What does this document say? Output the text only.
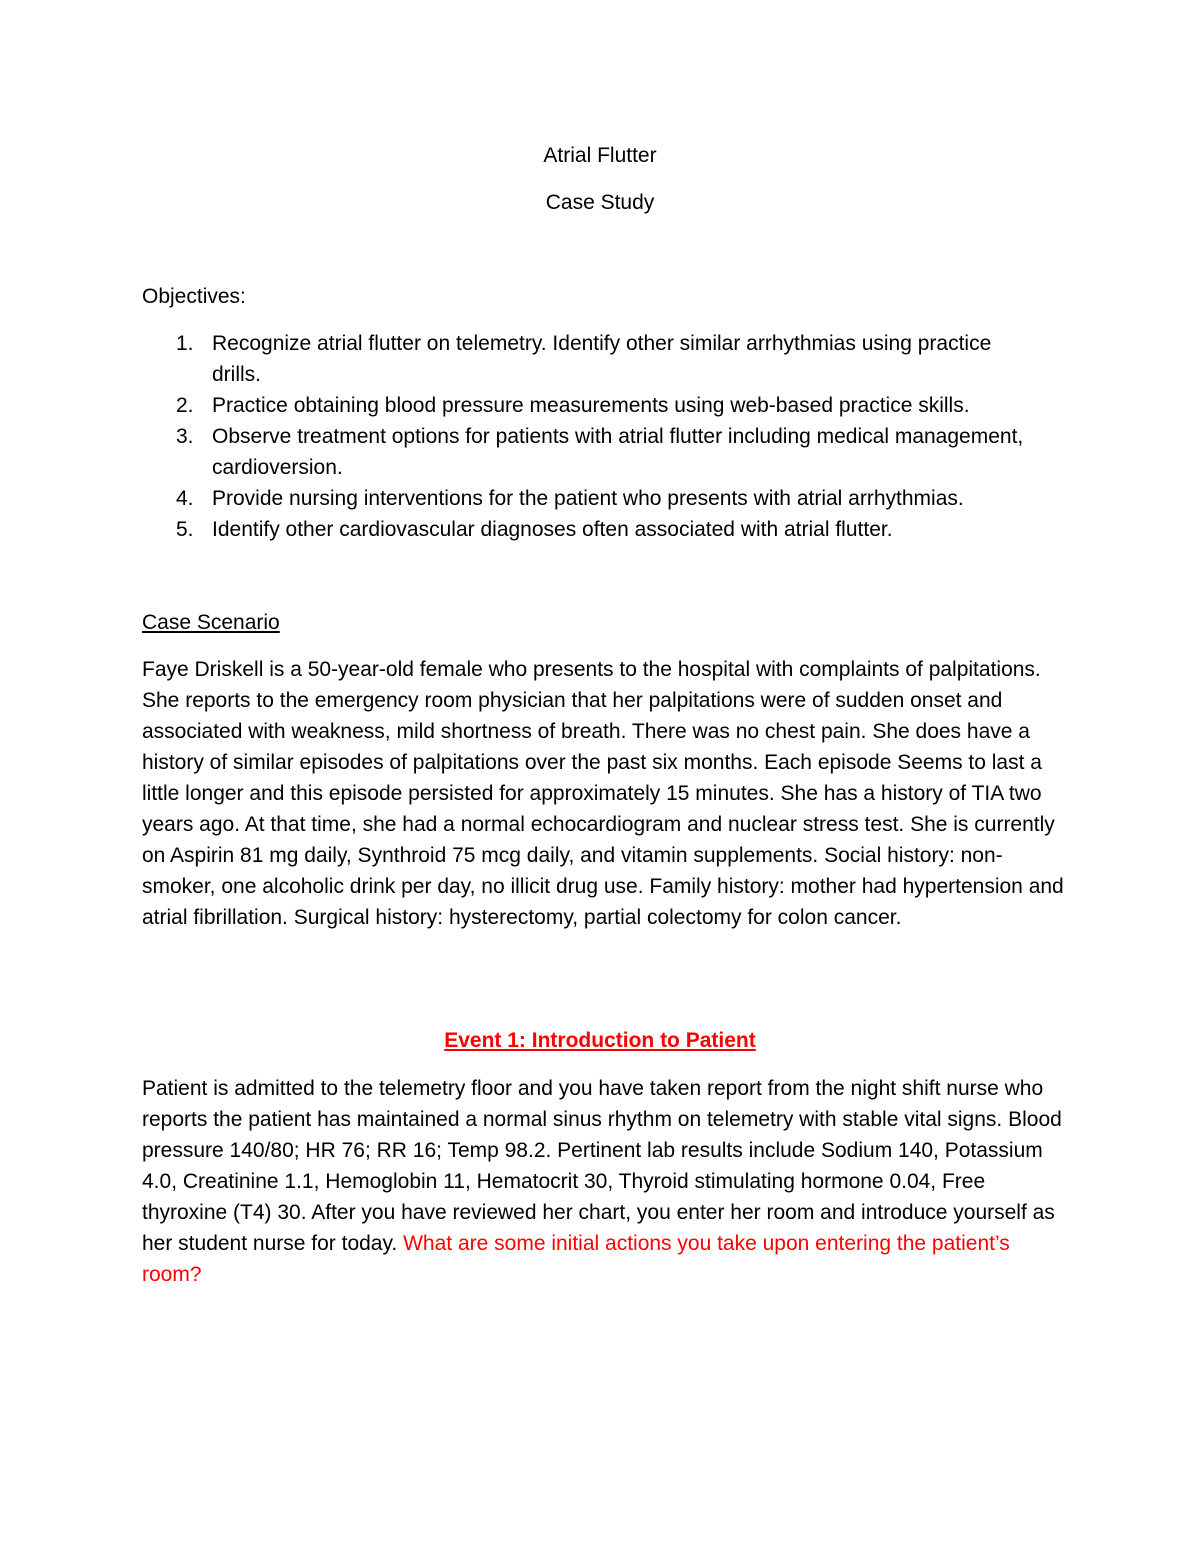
Atrial Flutter

Case Study

Objectives:

1. Recognize atrial flutter on telemetry. Identify other similar arrhythmias using practice drills.
2. Practice obtaining blood pressure measurements using web-based practice skills.
3. Observe treatment options for patients with atrial flutter including medical management, cardioversion.
4. Provide nursing interventions for the patient who presents with atrial arrhythmias.
5. Identify other cardiovascular diagnoses often associated with atrial flutter.

Case Scenario

Faye Driskell is a 50-year-old female who presents to the hospital with complaints of palpitations. She reports to the emergency room physician that her palpitations were of sudden onset and associated with weakness, mild shortness of breath. There was no chest pain. She does have a history of similar episodes of palpitations over the past six months. Each episode Seems to last a little longer and this episode persisted for approximately 15 minutes. She has a history of TIA two years ago. At that time, she had a normal echocardiogram and nuclear stress test. She is currently on Aspirin 81 mg daily, Synthroid 75 mcg daily, and vitamin supplements. Social history: non-smoker, one alcoholic drink per day, no illicit drug use. Family history: mother had hypertension and atrial fibrillation. Surgical history: hysterectomy, partial colectomy for colon cancer.

Event 1: Introduction to Patient

Patient is admitted to the telemetry floor and you have taken report from the night shift nurse who reports the patient has maintained a normal sinus rhythm on telemetry with stable vital signs. Blood pressure 140/80; HR 76; RR 16; Temp 98.2. Pertinent lab results include Sodium 140, Potassium 4.0, Creatinine 1.1, Hemoglobin 11, Hematocrit 30, Thyroid stimulating hormone 0.04, Free thyroxine (T4) 30. After you have reviewed her chart, you enter her room and introduce yourself as her student nurse for today. What are some initial actions you take upon entering the patient’s room?
